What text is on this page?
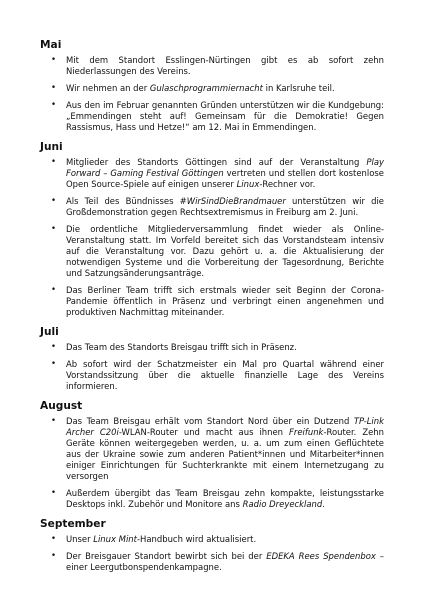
Mai
• Mit dem Standort Esslingen-Nürtingen gibt es ab sofort zehn Niederlassungen des Vereins.
• Wir nehmen an der Gulaschprogrammiernacht in Karlsruhe teil.
• Aus den im Februar genannten Gründen unterstützen wir die Kundgebung: „Emmendingen steht auf! Gemeinsam für die Demokratie! Gegen Rassismus, Hass und Hetze!“ am 12. Mai in Emmendingen.
Juni
• Mitglieder des Standorts Göttingen sind auf der Veranstaltung Play Forward – Gaming Festival Göttingen vertreten und stellen dort kostenlose Open Source-Spiele auf einigen unserer Linux-Rechner vor.
• Als Teil des Bündnisses #WirSindDieBrandmauer unterstützen wir die Großdemonstration gegen Rechtsextremismus in Freiburg am 2. Juni.
• Die ordentliche Mitgliederversammlung findet wieder als Online-Veranstaltung statt. Im Vorfeld bereitet sich das Vorstandsteam intensiv auf die Veranstaltung vor. Dazu gehört u. a. die Aktualisierung der notwendigen Systeme und die Vorbereitung der Tagesordnung, Berichte und Satzungsänderungsanträge.
• Das Berliner Team trifft sich erstmals wieder seit Beginn der Corona-Pandemie öffentlich in Präsenz und verbringt einen angenehmen und produktiven Nachmittag miteinander.
Juli
• Das Team des Standorts Breisgau trifft sich in Präsenz.
• Ab sofort wird der Schatzmeister ein Mal pro Quartal während einer Vorstandssitzung über die aktuelle finanzielle Lage des Vereins informieren.
August
• Das Team Breisgau erhält vom Standort Nord über ein Dutzend TP-Link Archer C20i-WLAN-Router und macht aus ihnen Freifunk-Router. Zehn Geräte können weitergegeben werden, u. a. um zum einen Geflüchtete aus der Ukraine sowie zum anderen Patient*innen und Mitarbeiter*innen einiger Einrichtungen für Suchterkrankte mit einem Internetzugang zu versorgen
• Außerdem übergibt das Team Breisgau zehn kompakte, leistungsstarke Desktops inkl. Zubehör und Monitore ans Radio Dreyeckland.
September
• Unser Linux Mint-Handbuch wird aktualisiert.
• Der Breisgauer Standort bewirbt sich bei der EDEKA Rees Spendenbox – einer Leergutbonspendenkampagne.
